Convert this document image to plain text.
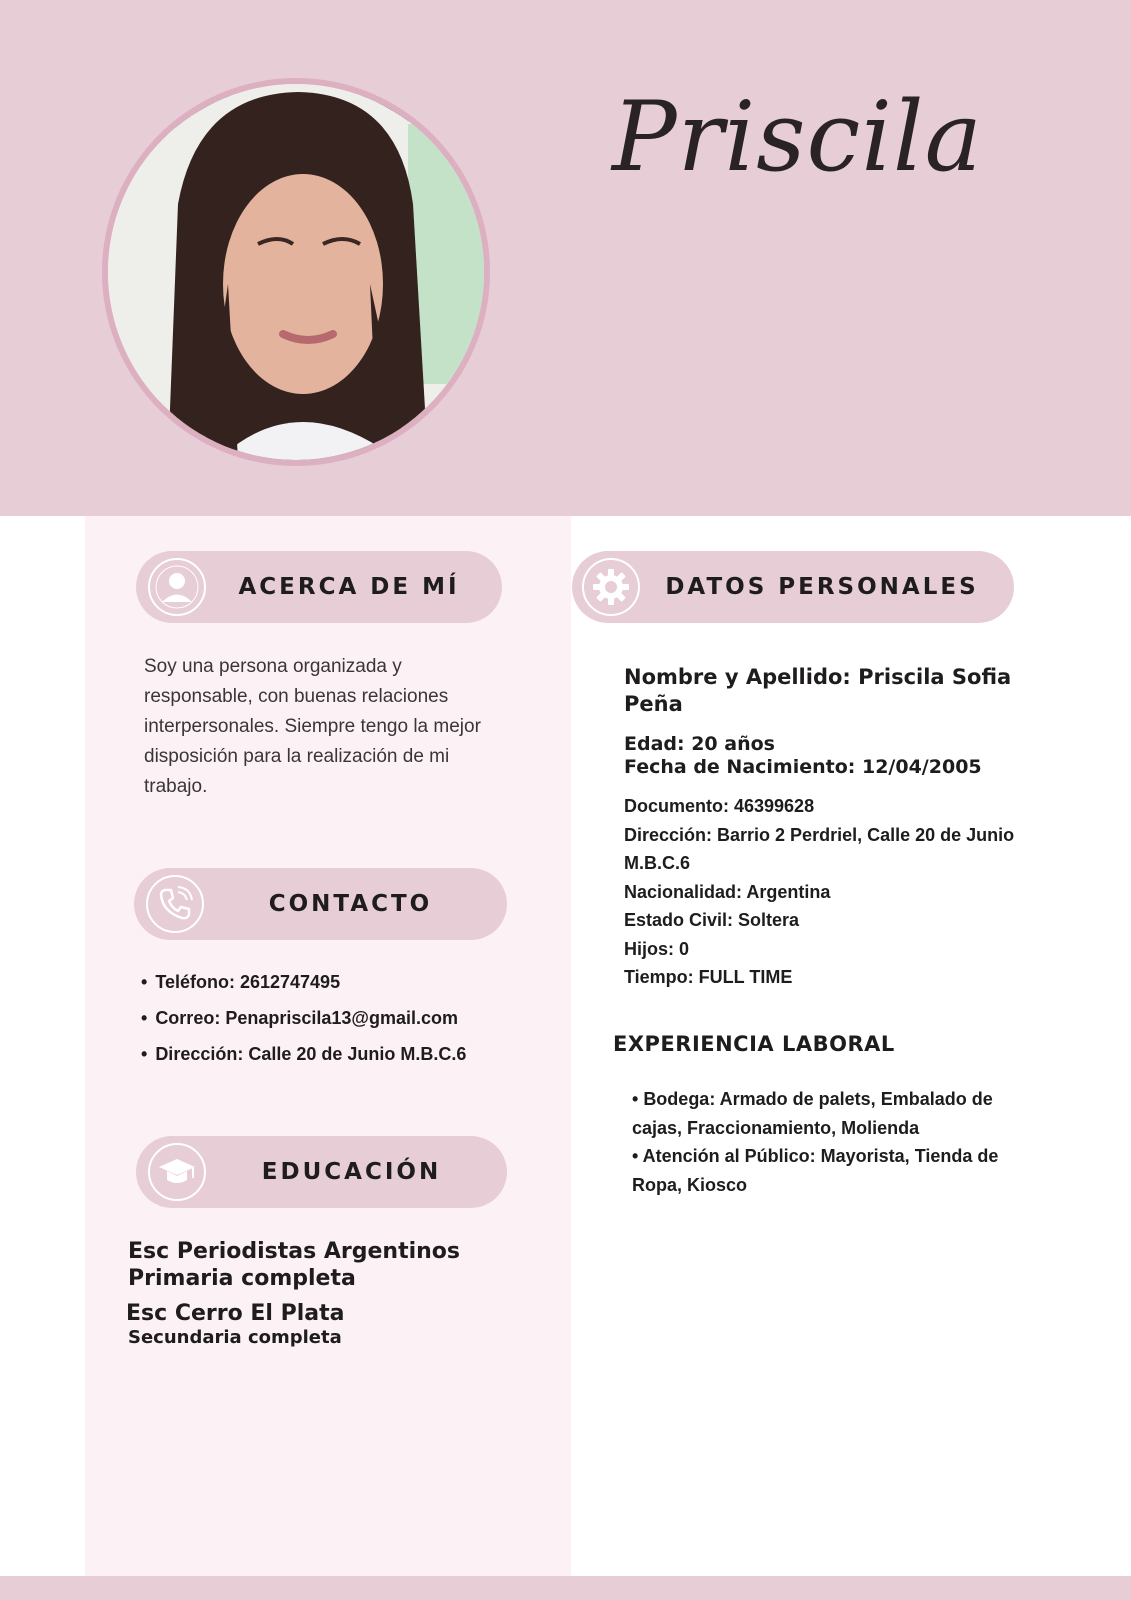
Priscila
ACERCA DE MÍ
Soy una persona organizada y responsable, con buenas relaciones interpersonales. Siempre tengo la mejor disposición para la realización de mi trabajo.
CONTACTO
• Teléfono: 2612747495
• Correo: Penapriscila13@gmail.com
• Dirección: Calle 20 de Junio M.B.C.6
EDUCACIÓN
Esc Periodistas Argentinos
Primaria completa
Esc Cerro El Plata
Secundaria completa
DATOS PERSONALES
Nombre y Apellido: Priscila Sofia Peña
Edad: 20 años
Fecha de Nacimiento: 12/04/2005
Documento: 46399628
Dirección: Barrio 2 Perdriel, Calle 20 de Junio M.B.C.6
Nacionalidad: Argentina
Estado Civil: Soltera
Hijos: 0
Tiempo: FULL TIME
EXPERIENCIA LABORAL
• Bodega: Armado de palets, Embalado de cajas, Fraccionamiento, Molienda
• Atención al Público: Mayorista, Tienda de Ropa, Kiosco
